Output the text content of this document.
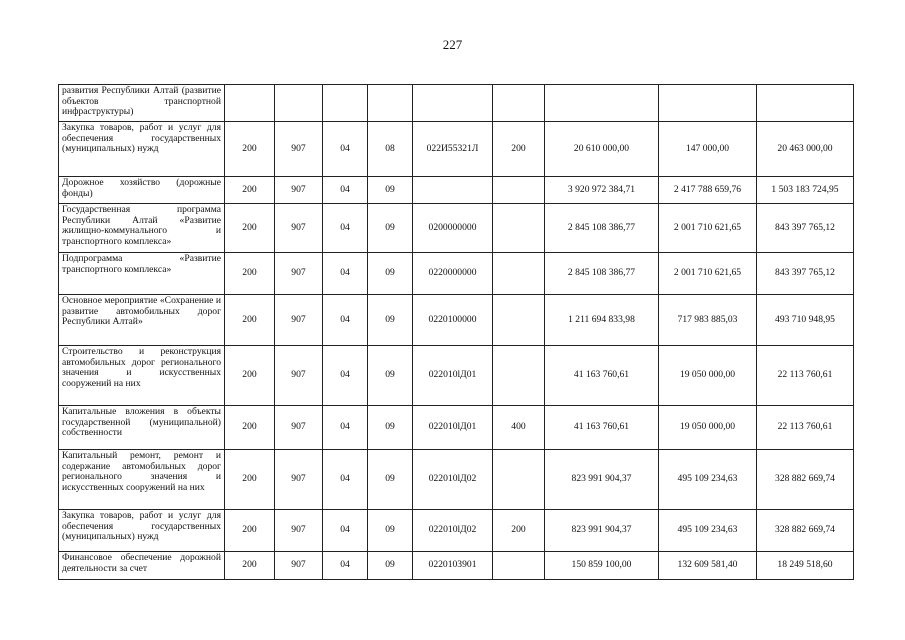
227
развития Республики Алтай (развитие объектов транспортной инфраструктуры)									
Закупка товаров, работ и услуг для обеспечения государственных (муниципальных) нужд	200	907	04	08	022И55321Л	200	20 610 000,00	147 000,00	20 463 000,00
Дорожное хозяйство (дорожные фонды)	200	907	04	09			3 920 972 384,71	2 417 788 659,76	1 503 183 724,95
Государственная программа Республики Алтай «Развитие жилищно-коммунального и транспортного комплекса»	200	907	04	09	0200000000		2 845 108 386,77	2 001 710 621,65	843 397 765,12
Подпрограмма «Развитие транспортного комплекса»	200	907	04	09	0220000000		2 845 108 386,77	2 001 710 621,65	843 397 765,12
Основное мероприятие «Сохранение и развитие автомобильных дорог Республики Алтай»	200	907	04	09	0220100000		1 211 694 833,98	717 983 885,03	493 710 948,95
Строительство и реконструкция автомобильных дорог регионального значения и искусственных сооружений на них	200	907	04	09	022010lД01		41 163 760,61	19 050 000,00	22 113 760,61
Капитальные вложения в объекты государственной (муниципальной) собственности	200	907	04	09	022010lД01	400	41 163 760,61	19 050 000,00	22 113 760,61
Капитальный ремонт, ремонт и содержание автомобильных дорог регионального значения и искусственных сооружений на них	200	907	04	09	022010lД02		823 991 904,37	495 109 234,63	328 882 669,74
Закупка товаров, работ и услуг для обеспечения государственных (муниципальных) нужд	200	907	04	09	022010lД02	200	823 991 904,37	495 109 234,63	328 882 669,74
Финансовое обеспечение дорожной деятельности за счет	200	907	04	09	0220103901		150 859 100,00	132 609 581,40	18 249 518,60
